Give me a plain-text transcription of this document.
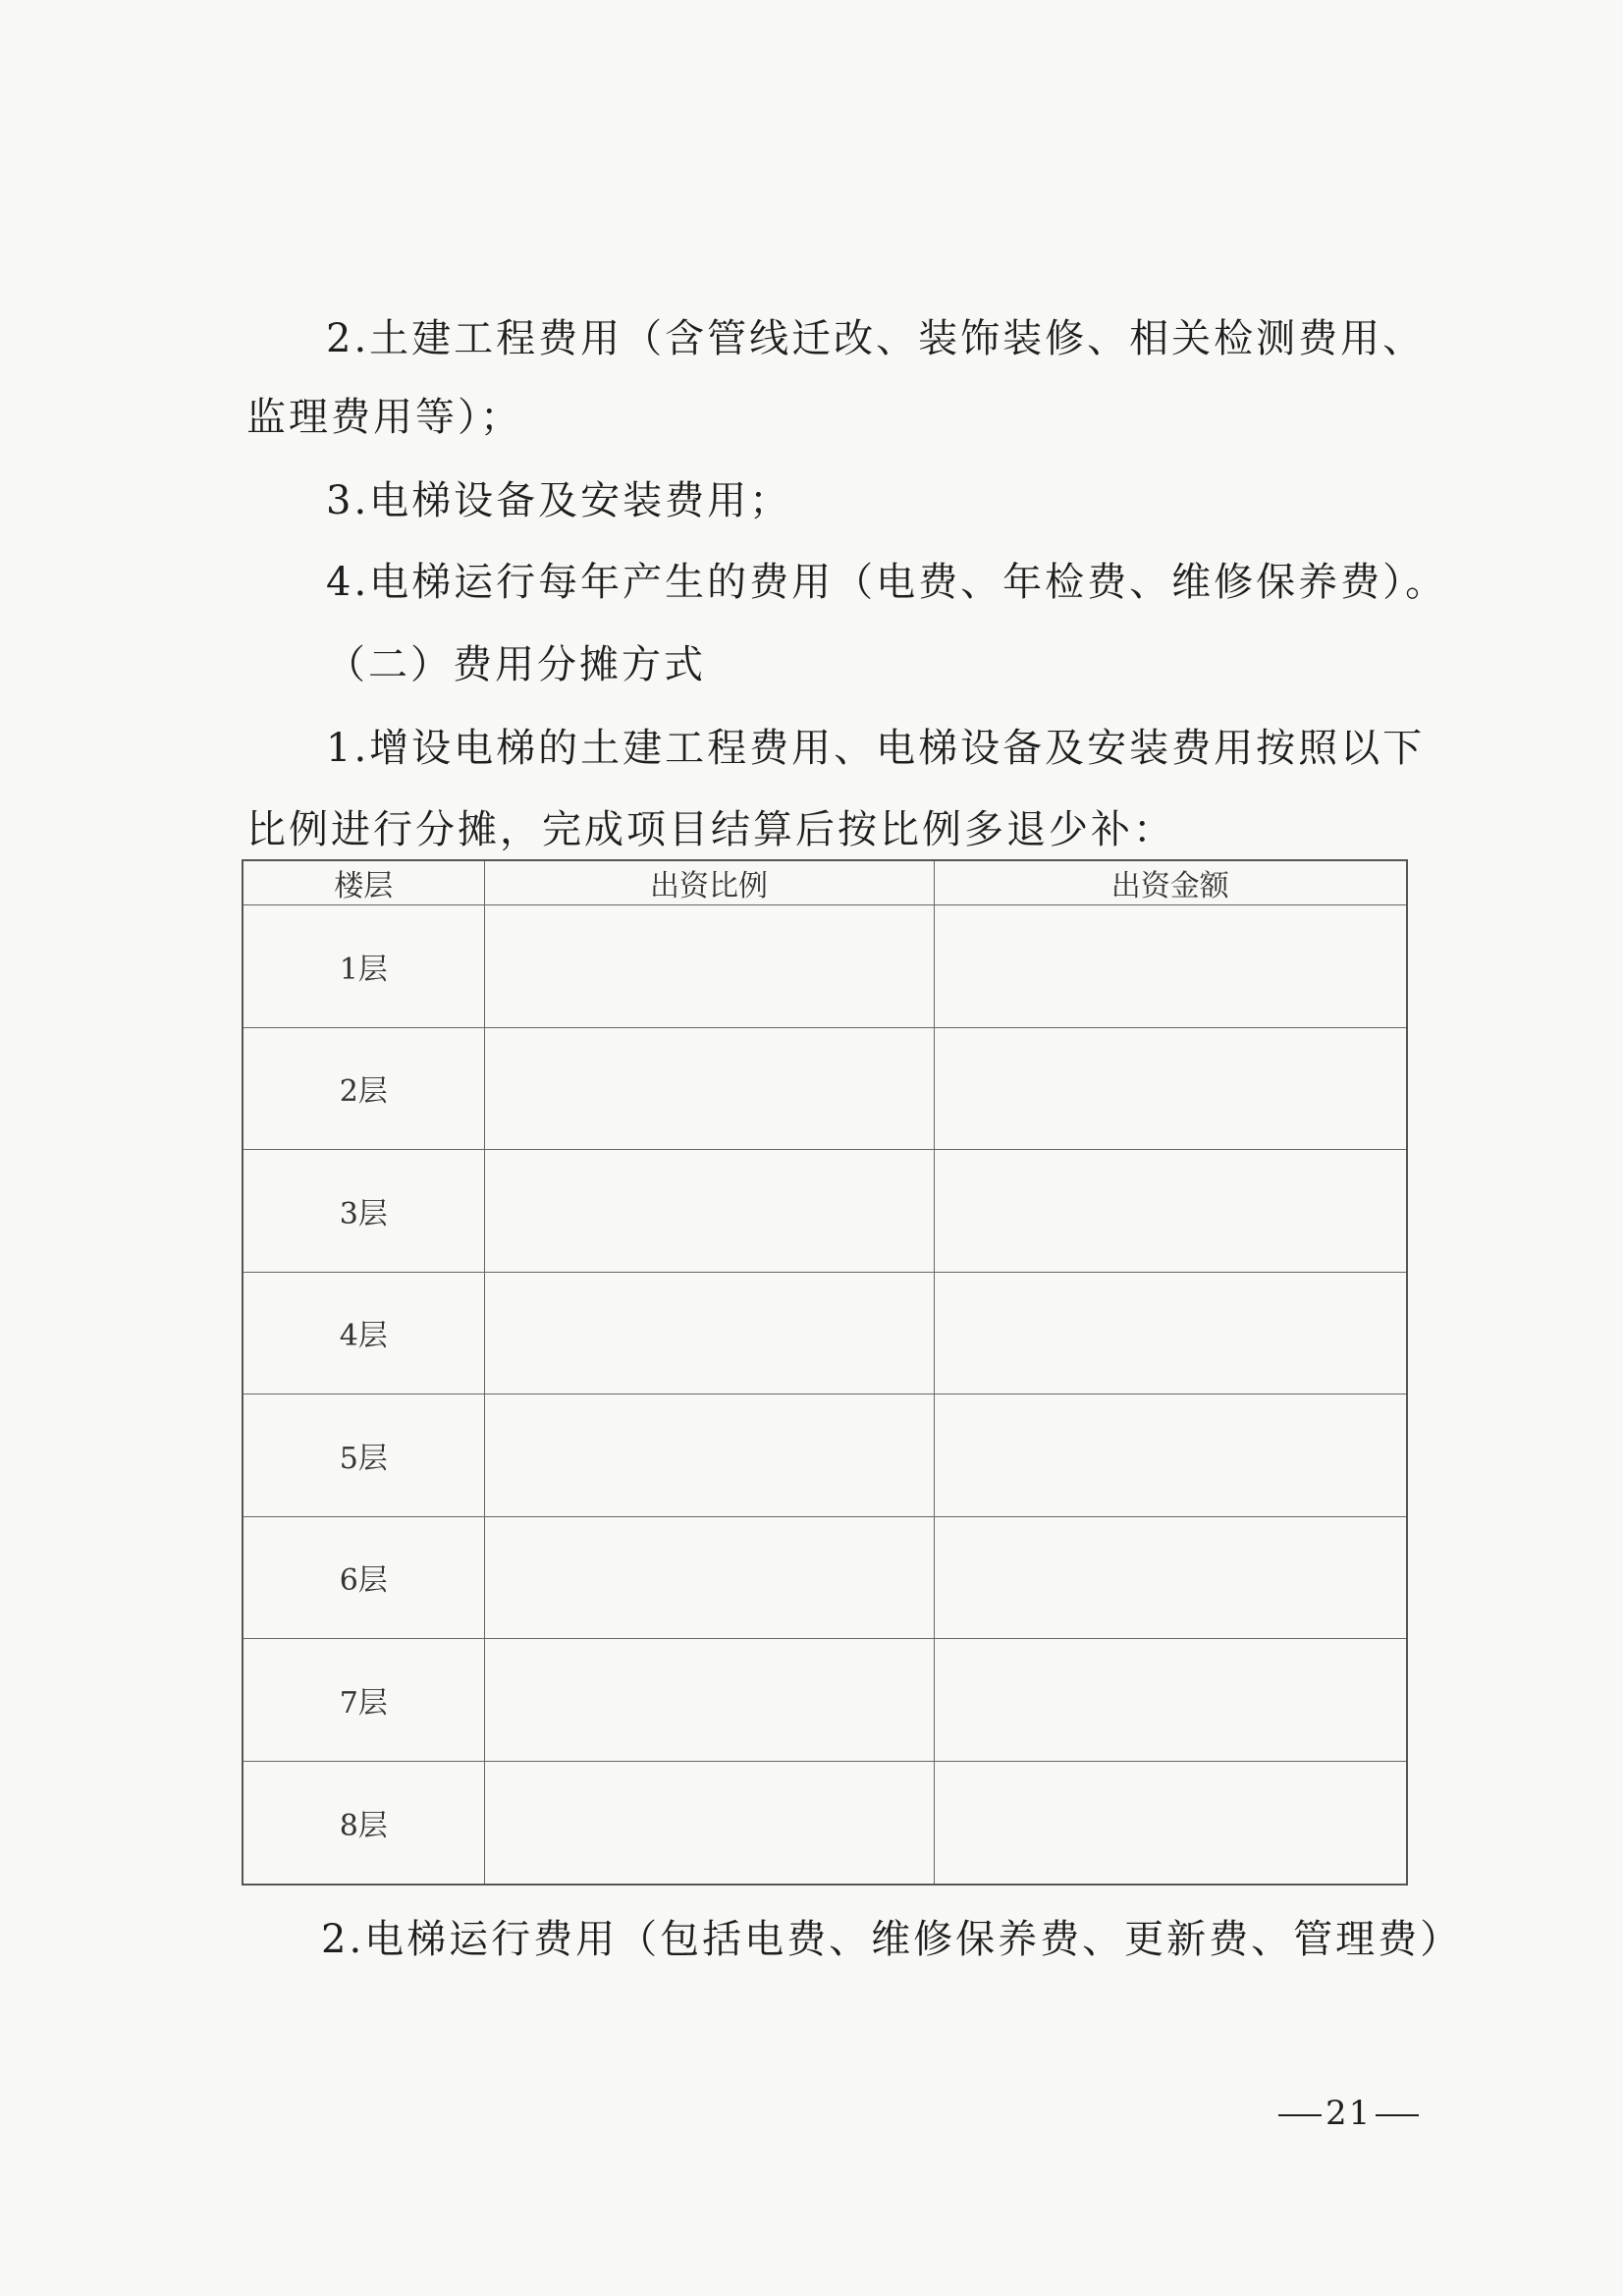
2.土建工程费用（含管线迁改、装饰装修、相关检测费用、

监理费用等）；

3.电梯设备及安装费用；

4.电梯运行每年产生的费用（电费、年检费、维修保养费）。

（二）费用分摊方式

1.增设电梯的土建工程费用、电梯设备及安装费用按照以下

比例进行分摊，完成项目结算后按比例多退少补：

楼层	出资比例	出资金额
1层		
2层		
3层		
4层		
5层		
6层		
7层		
8层		

2.电梯运行费用（包括电费、维修保养费、更新费、管理费）

21
